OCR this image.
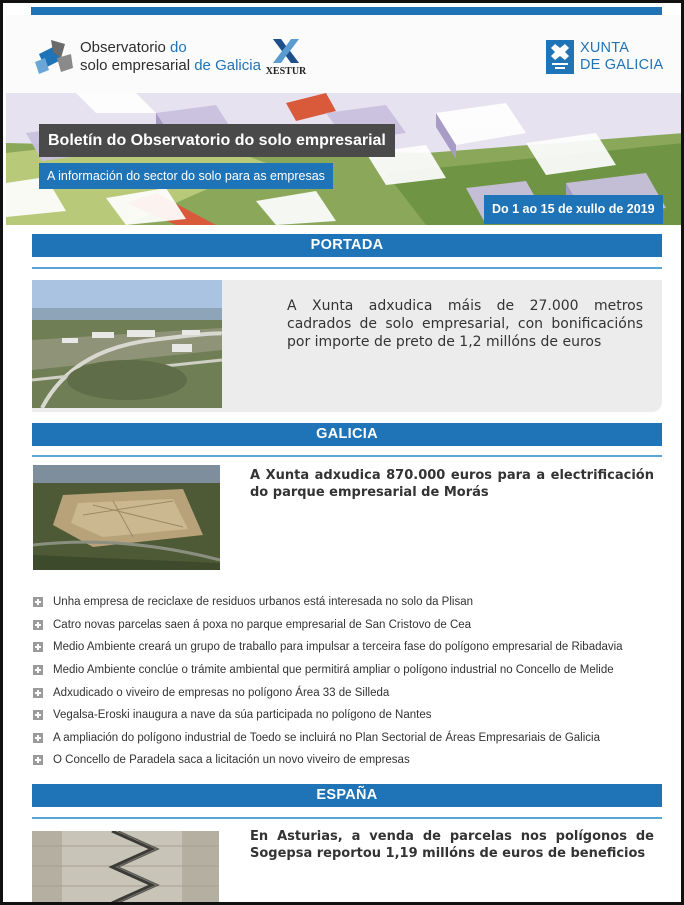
Observatorio do
solo empresarial de Galicia XESTUR
XUNTA
DE GALICIA
Boletín do Observatorio do solo empresarial
A información do sector do solo para as empresas
Do 1 ao 15 de xullo de 2019
PORTADA
A Xunta adxudica máis de 27.000 metros cadrados de solo empresarial, con bonificacións por importe de preto de 1,2 millóns de euros
GALICIA
A Xunta adxudica 870.000 euros para a electrificación do parque empresarial de Morás
Unha empresa de reciclaxe de residuos urbanos está interesada no solo da Plisan
Catro novas parcelas saen á poxa no parque empresarial de San Cristovo de Cea
Medio Ambiente creará un grupo de traballo para impulsar a terceira fase do polígono empresarial de Ribadavia
Medio Ambiente conclúe o trámite ambiental que permitirá ampliar o polígono industrial no Concello de Melide
Adxudicado o viveiro de empresas no polígono Área 33 de Silleda
Vegalsa-Eroski inaugura a nave da súa participada no polígono de Nantes
A ampliación do polígono industrial de Toedo se incluirá no Plan Sectorial de Áreas Empresariais de Galicia
O Concello de Paradela saca a licitación un novo viveiro de empresas
ESPAÑA
En Asturias, a venda de parcelas nos polígonos de Sogepsa reportou 1,19 millóns de euros de beneficios
